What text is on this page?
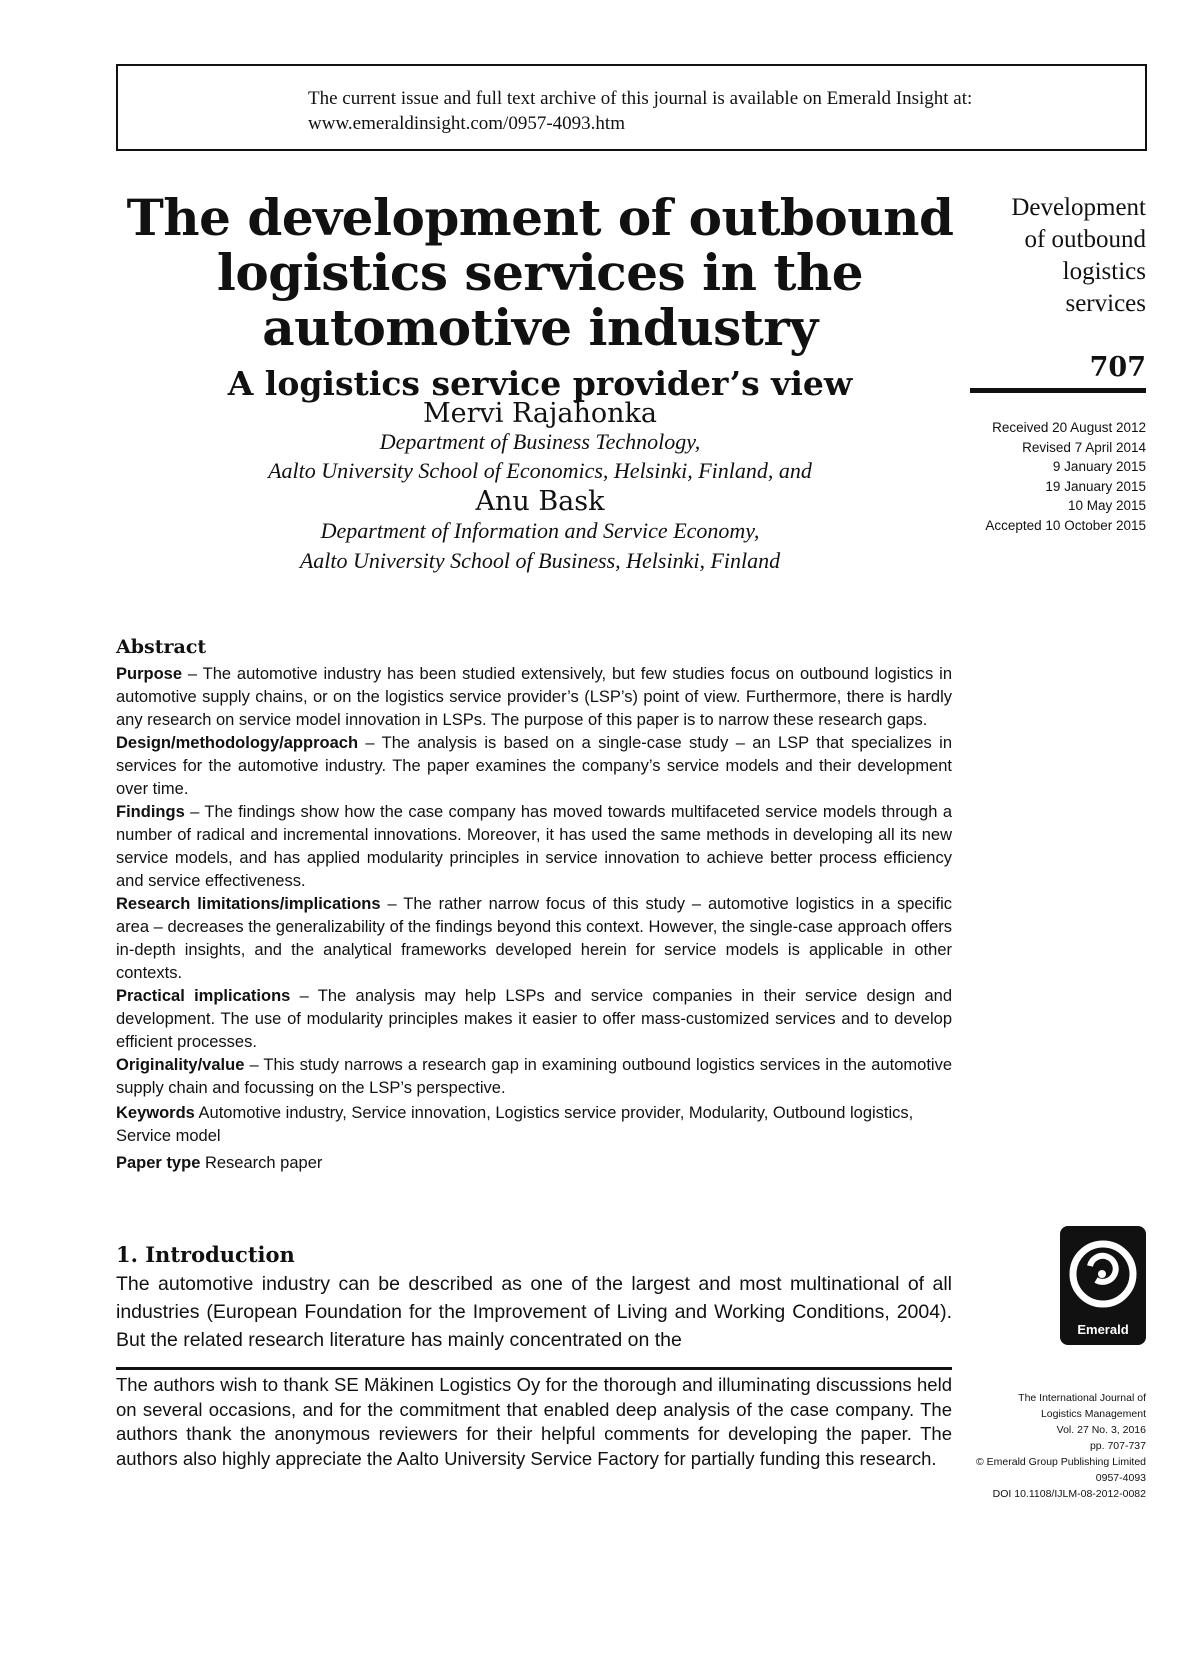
The current issue and full text archive of this journal is available on Emerald Insight at:
www.emeraldinsight.com/0957-4093.htm
The development of outbound logistics services in the automotive industry
A logistics service provider’s view
Mervi Rajahonka
Department of Business Technology,
Aalto University School of Economics, Helsinki, Finland, and
Anu Bask
Department of Information and Service Economy,
Aalto University School of Business, Helsinki, Finland
Development
of outbound
logistics
services
707
Received 20 August 2012
Revised 7 April 2014
9 January 2015
19 January 2015
10 May 2015
Accepted 10 October 2015
Abstract

Purpose – The automotive industry has been studied extensively, but few studies focus on outbound logistics in automotive supply chains, or on the logistics service provider’s (LSP’s) point of view. Furthermore, there is hardly any research on service model innovation in LSPs. The purpose of this paper is to narrow these research gaps.

Design/methodology/approach – The analysis is based on a single-case study – an LSP that specializes in services for the automotive industry. The paper examines the company’s service models and their development over time.

Findings – The findings show how the case company has moved towards multifaceted service models through a number of radical and incremental innovations. Moreover, it has used the same methods in developing all its new service models, and has applied modularity principles in service innovation to achieve better process efficiency and service effectiveness.

Research limitations/implications – The rather narrow focus of this study – automotive logistics in a specific area – decreases the generalizability of the findings beyond this context. However, the single-case approach offers in-depth insights, and the analytical frameworks developed herein for service models is applicable in other contexts.

Practical implications – The analysis may help LSPs and service companies in their service design and development. The use of modularity principles makes it easier to offer mass-customized services and to develop efficient processes.

Originality/value – This study narrows a research gap in examining outbound logistics services in the automotive supply chain and focussing on the LSP’s perspective.

Keywords Automotive industry, Service innovation, Logistics service provider, Modularity, Outbound logistics, Service model

Paper type Research paper

1. Introduction

The automotive industry can be described as one of the largest and most multinational of all industries (European Foundation for the Improvement of Living and Working Conditions, 2004). But the related research literature has mainly concentrated on the

The authors wish to thank SE Mäkinen Logistics Oy for the thorough and illuminating discussions held on several occasions, and for the commitment that enabled deep analysis of the case company. The authors thank the anonymous reviewers for their helpful comments for developing the paper. The authors also highly appreciate the Aalto University Service Factory for partially funding this research.

Emerald
The International Journal of
Logistics Management
Vol. 27 No. 3, 2016
pp. 707-737
© Emerald Group Publishing Limited
0957-4093
DOI 10.1108/IJLM-08-2012-0082
